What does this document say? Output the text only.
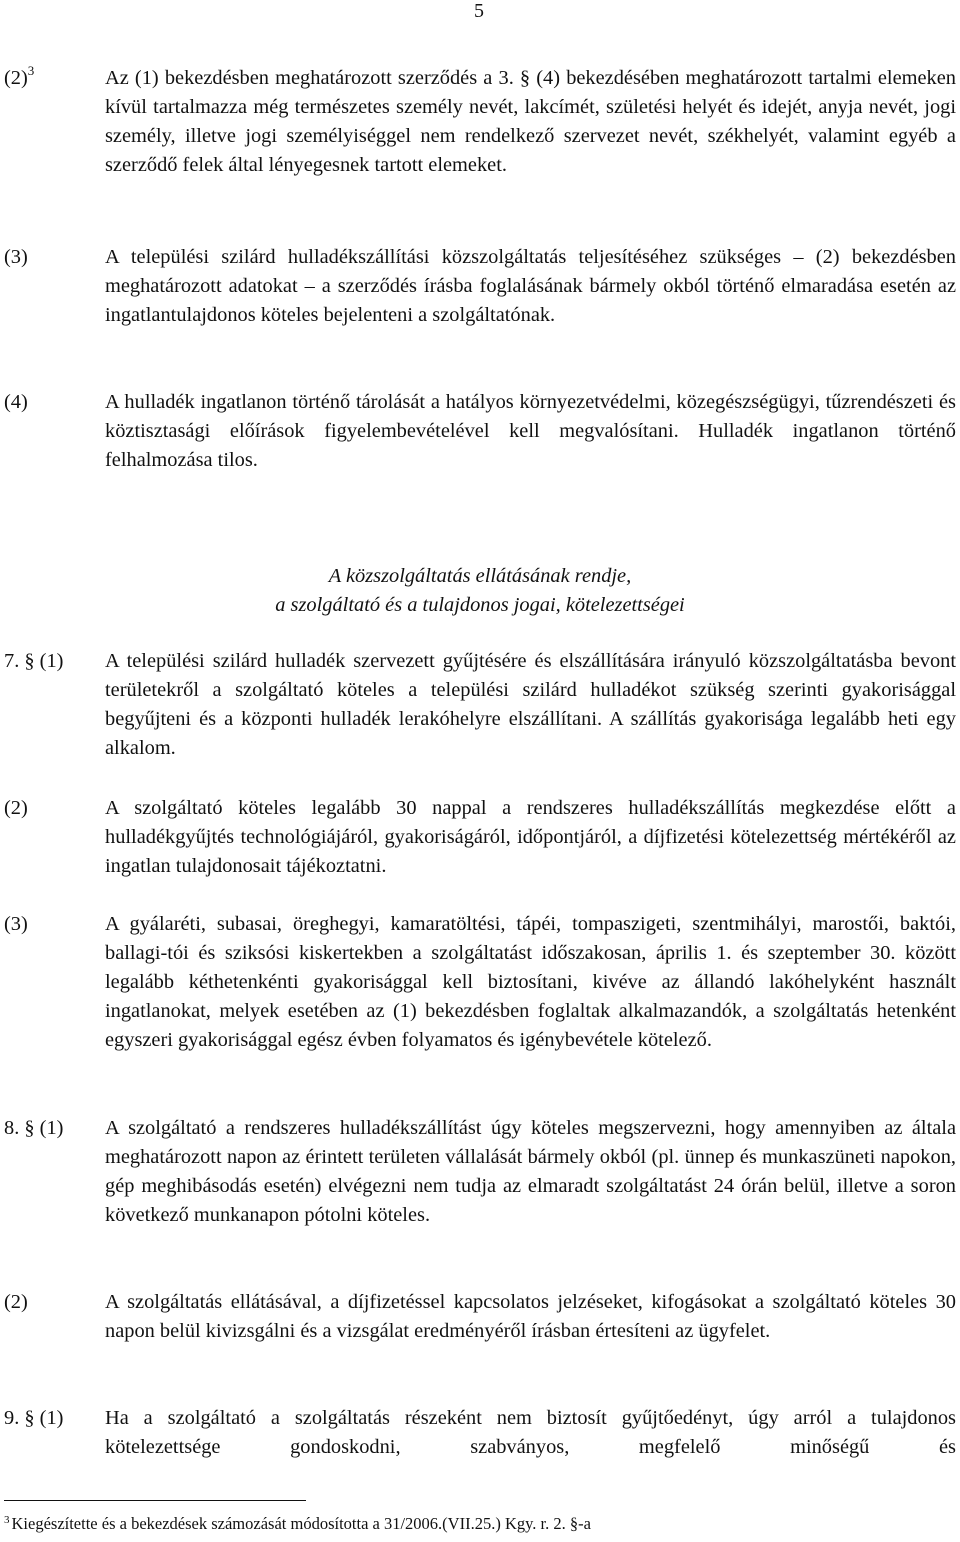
5
$(2)^3$	Az (1) bekezdésben meghatározott szerződés a 3. § (4) bekezdésében meghatározott tartalmi elemeken kívül tartalmazza még természetes személy nevét, lakcímét, születési helyét és idejét, anyja nevét, jogi személy, illetve jogi személyiséggel nem rendelkező szervezet nevét, székhelyét, valamint egyéb a szerződő felek által lényegesnek tartott elemeket.
(3)	A települési szilárd hulladékszállítási közszolgáltatás teljesítéséhez szükséges – (2) bekezdésben meghatározott adatokat – a szerződés írásba foglalásának bármely okból történő elmaradása esetén az ingatlantulajdonos köteles bejelenteni a szolgáltatónak.
(4)	A hulladék ingatlanon történő tárolását a hatályos környezetvédelmi, közegészségügyi, tűzrendészeti és köztisztasági előírások figyelembevételével kell megvalósítani. Hulladék ingatlanon történő felhalmozása tilos.
A közszolgáltatás ellátásának rendje,
a szolgáltató és a tulajdonos jogai, kötelezettségei
7. § (1) A települési szilárd hulladék szervezett gyűjtésére és elszállítására irányuló közszolgáltatásba bevont területekről a szolgáltató köteles a települési szilárd hulladékot szükség szerinti gyakorisággal begyűjteni és a központi hulladék lerakóhelyre elszállítani. A szállítás gyakorisága legalább heti egy alkalom.
(2)	A szolgáltató köteles legalább 30 nappal a rendszeres hulladékszállítás megkezdése előtt a hulladékgyűjtés technológiájáról, gyakoriságáról, időpontjáról, a díjfizetési kötelezettség mértékéről az ingatlan tulajdonosait tájékoztatni.
(3)	A gyálaréti, subasai, öreghegyi, kamaratöltési, tápéi, tompaszigeti, szentmihályi, marostői, baktói, ballagi-tói és sziksósi kiskertekben a szolgáltatást időszakosan, április 1. és szeptember 30. között legalább kéthetenkénti gyakorisággal kell biztosítani, kivéve az állandó lakóhelyként használt ingatlanokat, melyek esetében az (1) bekezdésben foglaltak alkalmazandók, a szolgáltatás hetenként egyszeri gyakorisággal egész évben folyamatos és igénybevétele kötelező.
8. § (1) A szolgáltató a rendszeres hulladékszállítást úgy köteles megszervezni, hogy amennyiben az általa meghatározott napon az érintett területen vállalását bármely okból (pl. ünnep és munkaszüneti napokon, gép meghibásodás esetén) elvégezni nem tudja az elmaradt szolgáltatást 24 órán belül, illetve a soron következő munkanapon pótolni köteles.
(2)	A szolgáltatás ellátásával, a díjfizetéssel kapcsolatos jelzéseket, kifogásokat a szolgáltató köteles 30 napon belül kivizsgálni és a vizsgálat eredményéről írásban értesíteni az ügyfelet.
9. § (1) Ha a szolgáltató a szolgáltatás részeként nem biztosít gyűjtőedényt, úgy arról a tulajdonos kötelezettsége gondoskodni, szabványos, megfelelő minőségű és
$^3$ Kiegészítette és a bekezdések számozását módosította a 31/2006.(VII.25.) Kgy. r. 2. §-a
